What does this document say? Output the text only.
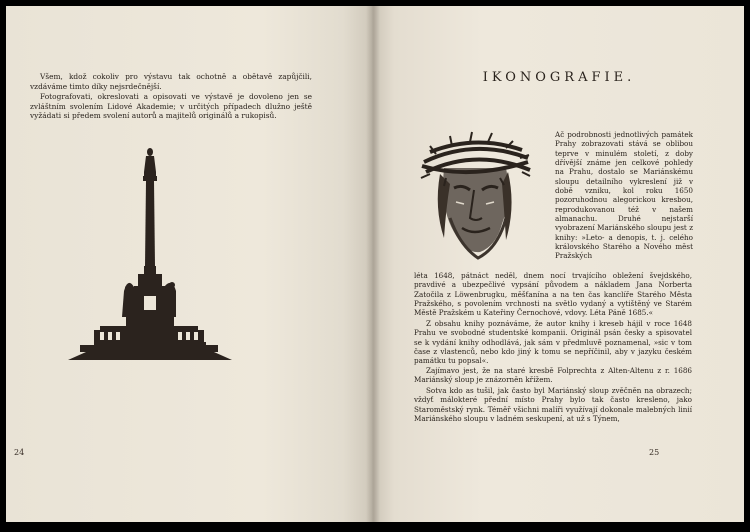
Všem, kdož cokoliv pro výstavu tak ochotně a obětavě zapůjčili, vzdáváme timto díky nejsrdečnější.

Fotografovati, okreslovati a opisovati ve výstavě je dovoleno jen se zvláštním svolením Lidové Akademie; v určitých případech dlužno ještě vyžádati si předem svolení autorů a majitelů originálů a rukopisů.

24
IKONOGRAFIE.

Ač podrobnosti jednotlivých památek Prahy zobrazovati stává se oblibou teprve v minulém století, z doby dřívější známe jen celkové pohledy na Prahu, dostalo se Mariánskému sloupu detailního vykreslení již v době vzniku, kol roku 1650 pozoruhodnou alegorickou kresbou, reprodukovanou též v našem almanachu. Druhé nejstarší vyobrazení Mariánského sloupu jest z knihy: »Leto- a denopis, t. j. celého královského Starého a Nového měst Pražských

léta 1648, pátnáct neděl, dnem nocí trvajícího obležení švejdského, pravdivé a ubezpečlivé vypsání původem a nákladem Jana Norberta Zatočila z Löwenbrugku, měšťanína a na ten čas kanclíře Starého Města Pražského, s povolením vrchnosti na světlo vydaný a vytištěný ve Starém Městě Pražském u Kateřiny Černochové, vdovy. Léta Páně 1685.«

Z obsahu knihy poznáváme, že autor knihy i kreseb hájil v roce 1648 Prahu ve svobodné studentské kompanii. Originál psán česky a spisovatel se k vydání knihy odhodlává, jak sám v předmluvě poznamenal, »sic v tom čase z vlastenců, nebo kdo jiný k tomu se nepříčinil, aby v jazyku českém památku tu popsal«.

Zajímavo jest, že na staré kresbě Folprechta z Alten-Altenu z r. 1686 Mariánský sloup je znázorněn křížem.

Sotva kdo as tušil, jak často byl Mariánský sloup zvěčněn na obrazech; vždyť málokteré přední místo Prahy bylo tak často kresleno, jako Staroměstský rynk. Téměř všichni malíři využívají dokonale malebných linií Mariánského sloupu v ladném seskupení, at už s Týnem,

25
